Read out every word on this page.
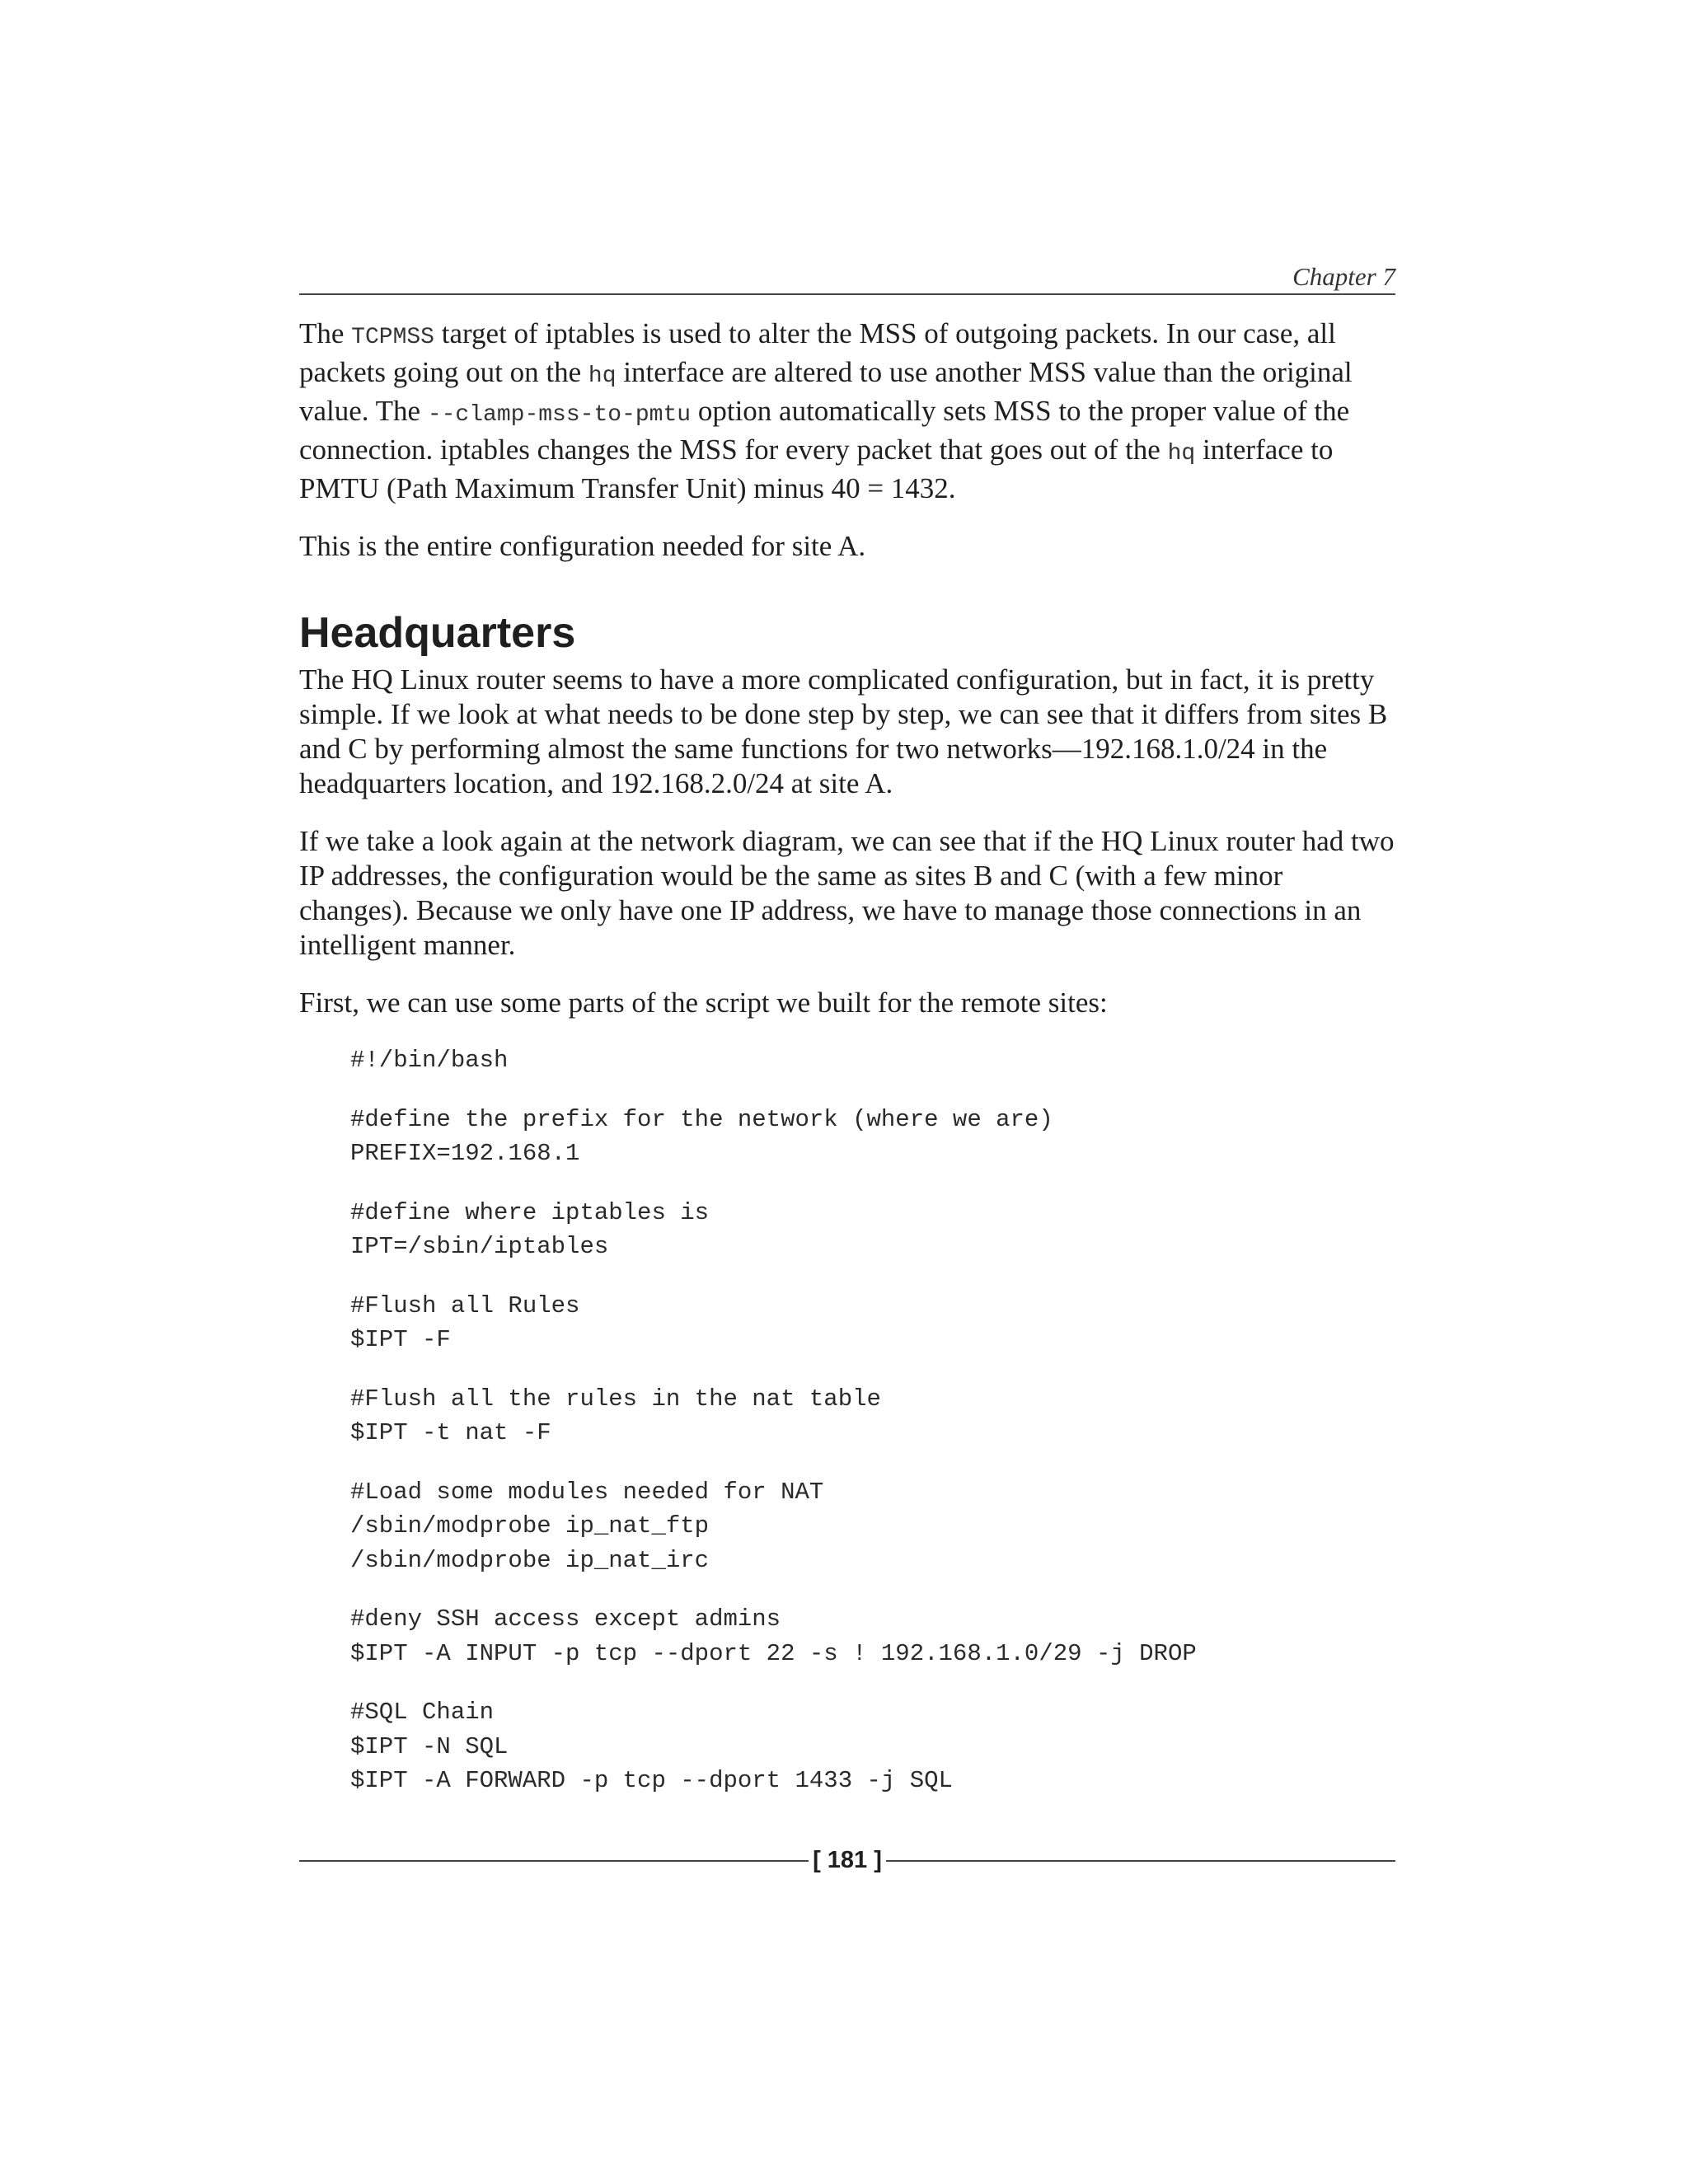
Chapter 7

The TCPMSS target of iptables is used to alter the MSS of outgoing packets. In our case, all packets going out on the hq interface are altered to use another MSS value than the original value. The --clamp-mss-to-pmtu option automatically sets MSS to the proper value of the connection. iptables changes the MSS for every packet that goes out of the hq interface to PMTU (Path Maximum Transfer Unit) minus 40 = 1432.

This is the entire configuration needed for site A.

Headquarters

The HQ Linux router seems to have a more complicated configuration, but in fact, it is pretty simple. If we look at what needs to be done step by step, we can see that it differs from sites B and C by performing almost the same functions for two networks—192.168.1.0/24 in the headquarters location, and 192.168.2.0/24 at site A.

If we take a look again at the network diagram, we can see that if the HQ Linux router had two IP addresses, the configuration would be the same as sites B and C (with a few minor changes). Because we only have one IP address, we have to manage those connections in an intelligent manner.

First, we can use some parts of the script we built for the remote sites:

#!/bin/bash
#define the prefix for the network (where we are)
PREFIX=192.168.1
#define where iptables is
IPT=/sbin/iptables
#Flush all Rules
$IPT -F
#Flush all the rules in the nat table
$IPT -t nat -F
#Load some modules needed for NAT
/sbin/modprobe ip_nat_ftp
/sbin/modprobe ip_nat_irc
#deny SSH access except admins
$IPT -A INPUT -p tcp --dport 22 -s ! 192.168.1.0/29 -j DROP
#SQL Chain
$IPT -N SQL
$IPT -A FORWARD -p tcp --dport 1433 -j SQL
[ 181 ]
